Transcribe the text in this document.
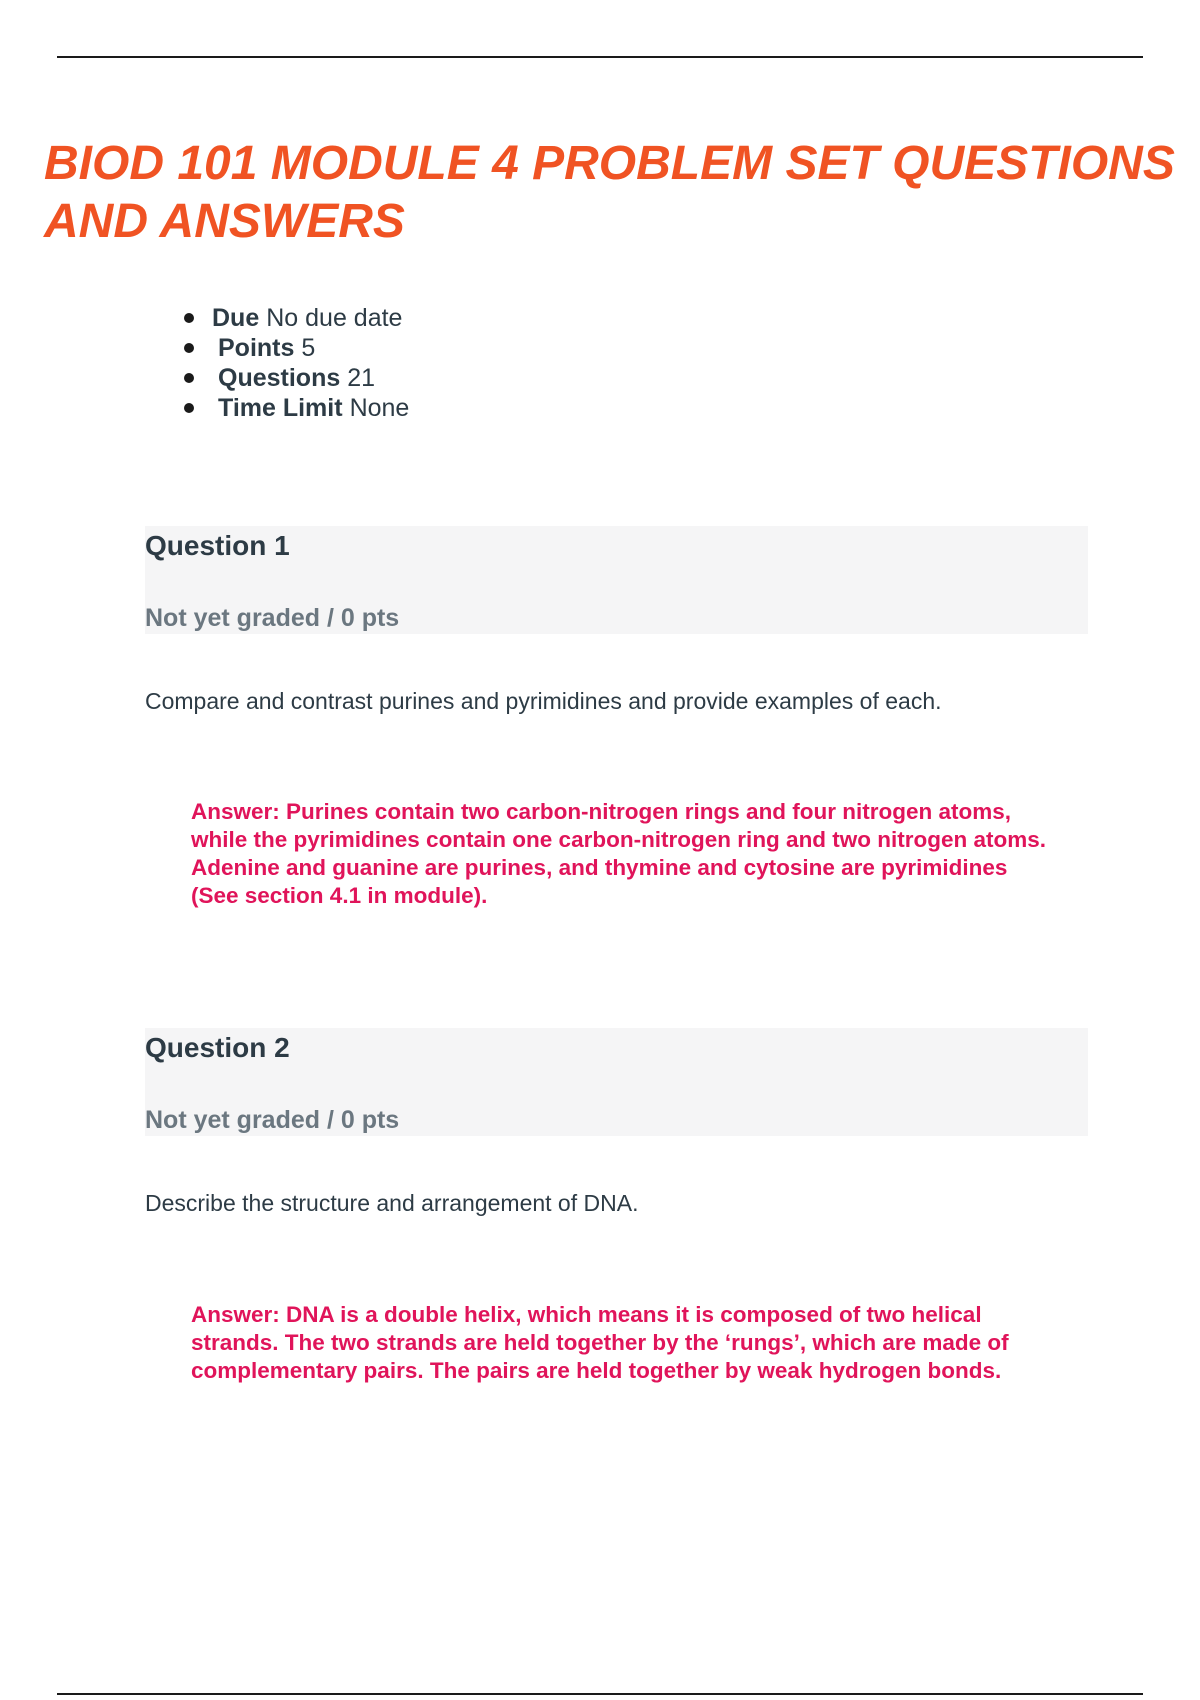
BIOD 101 MODULE 4 PROBLEM SET QUESTIONS AND ANSWERS
Due No due date
Points 5
Questions 21
Time Limit None
Question 1
Not yet graded / 0 pts
Compare and contrast purines and pyrimidines and provide examples of each.
Answer: Purines contain two carbon-nitrogen rings and four nitrogen atoms, while the pyrimidines contain one carbon-nitrogen ring and two nitrogen atoms. Adenine and guanine are purines, and thymine and cytosine are pyrimidines (See section 4.1 in module).
Question 2
Not yet graded / 0 pts
Describe the structure and arrangement of DNA.
Answer: DNA is a double helix, which means it is composed of two helical strands. The two strands are held together by the ‘rungs’, which are made of complementary pairs. The pairs are held together by weak hydrogen bonds.
